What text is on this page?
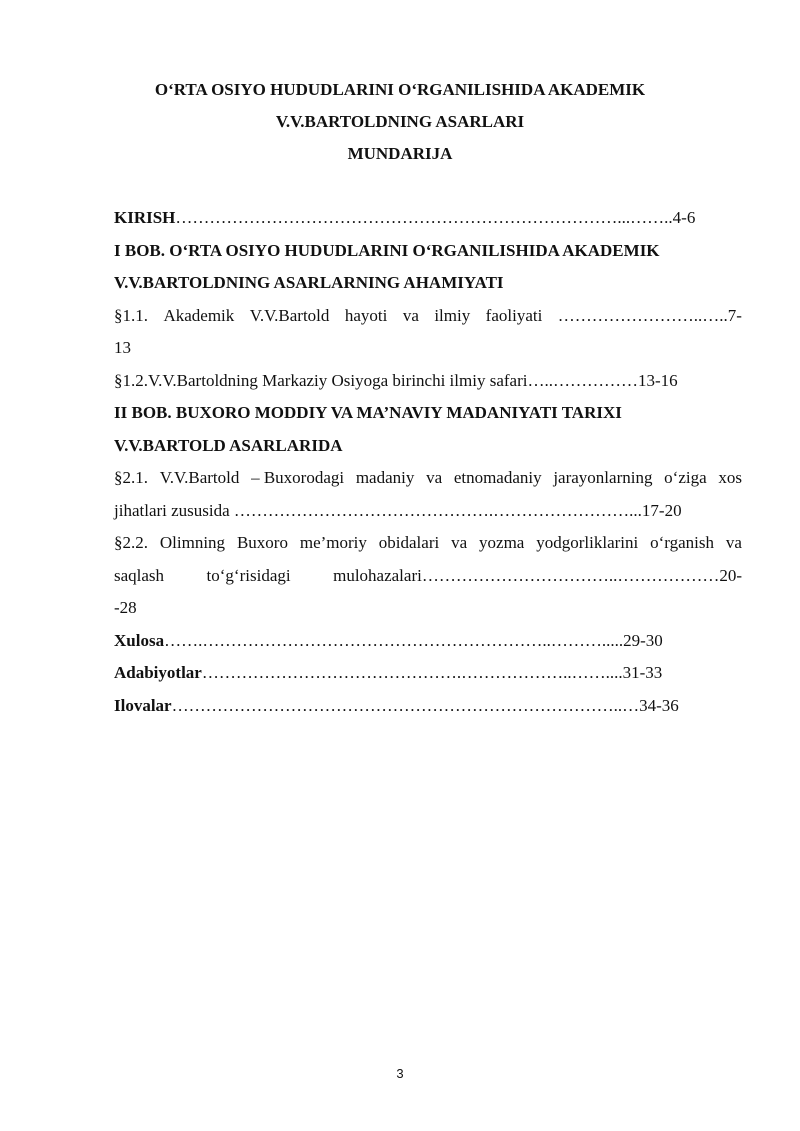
O‘RTA OSIYO HUDUDLARINI O‘RGANILISHIDA AKADEMIK
V.V.BARTOLDNING ASARLARI
MUNDARIJA
KIRISH……………………………………………………………………...……..4-6
I BOB. O‘RTA OSIYO HUDUDLARINI O‘RGANILISHIDA AKADEMIK
V.V.BARTOLDNING ASARLARNING AHAMIYATI
§1.1. Akademik V.V.Bartold hayoti va ilmiy faoliyati ……………………..…..7-
13
§1.2.V.V.Bartoldning Markaziy Osiyoga birinchi ilmiy safari…..……………13-16
II BOB. BUXORO MODDIY VA MA’NAVIY MADANIYATI TARIXI
V.V.BARTOLD ASARLARIDA
§2.1. V.V.Bartold – Buxorodagi madaniy va etnomadaniy jarayonlarning o‘ziga xos
jihatlari zususida ……………………………………….……………………...17-20
§2.2. Olimning Buxoro me’moriy obidalari va yozma yodgorliklarini o‘rganish va
saqlash	to‘g‘risidagi	mulohazalari……………………………..………………20-
-28
Xulosa…….……………………………………………………..……….....29-30
Adabiyotlar……………………………………….………………..……....31-33
Ilovalar……………………………………………………………………..…34-36
3
